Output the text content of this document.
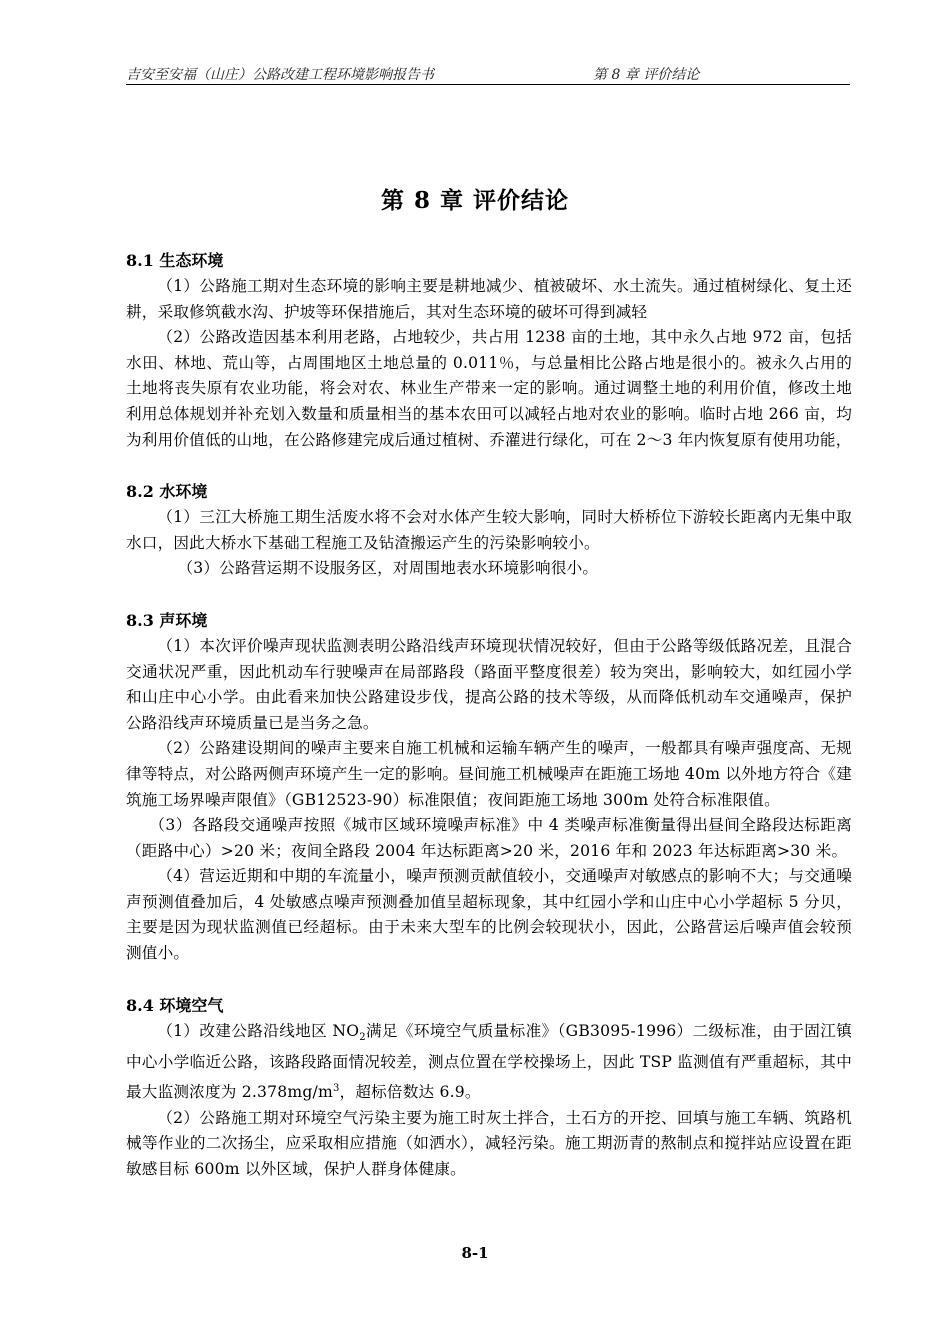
吉安至安福（山庄）公路改建工程环境影响报告书	第 8 章 评价结论
第 8 章 评价结论
8.1 生态环境

（1）公路施工期对生态环境的影响主要是耕地减少、植被破坏、水土流失。通过植树绿化、复土还耕，采取修筑截水沟、护坡等环保措施后，其对生态环境的破坏可得到减轻

（2）公路改造因基本利用老路，占地较少，共占用 1238 亩的土地，其中永久占地 972 亩，包括水田、林地、荒山等，占周围地区土地总量的 0.011％，与总量相比公路占地是很小的。被永久占用的土地将丧失原有农业功能，将会对农、林业生产带来一定的影响。通过调整土地的利用价值，修改土地利用总体规划并补充划入数量和质量相当的基本农田可以减轻占地对农业的影响。临时占地 266 亩，均为利用价值低的山地，在公路修建完成后通过植树、乔灌进行绿化，可在 2～3 年内恢复原有使用功能，

8.2 水环境

（1）三江大桥施工期生活废水将不会对水体产生较大影响，同时大桥桥位下游较长距离内无集中取水口，因此大桥水下基础工程施工及钻渣搬运产生的污染影响较小。

（3）公路营运期不设服务区，对周围地表水环境影响很小。

8.3 声环境

（1）本次评价噪声现状监测表明公路沿线声环境现状情况较好，但由于公路等级低路况差，且混合交通状况严重，因此机动车行驶噪声在局部路段（路面平整度很差）较为突出，影响较大，如红园小学和山庄中心小学。由此看来加快公路建设步伐，提高公路的技术等级，从而降低机动车交通噪声，保护公路沿线声环境质量已是当务之急。

（2）公路建设期间的噪声主要来自施工机械和运输车辆产生的噪声，一般都具有噪声强度高、无规律等特点，对公路两侧声环境产生一定的影响。昼间施工机械噪声在距施工场地 40m 以外地方符合《建筑施工场界噪声限值》（GB12523-90）标准限值；夜间距施工场地 300m 处符合标准限值。

（3）各路段交通噪声按照《城市区域环境噪声标准》中 4 类噪声标准衡量得出昼间全路段达标距离（距路中心）>20 米；夜间全路段 2004 年达标距离>20 米，2016 年和 2023 年达标距离>30 米。

（4）营运近期和中期的车流量小，噪声预测贡献值较小，交通噪声对敏感点的影响不大；与交通噪声预测值叠加后，4 处敏感点噪声预测叠加值呈超标现象，其中红园小学和山庄中心小学超标 5 分贝，主要是因为现状监测值已经超标。由于未来大型车的比例会较现状小，因此，公路营运后噪声值会较预测值小。

8.4 环境空气

（1）改建公路沿线地区 $NO_2$满足《环境空气质量标准》（GB3095-1996）二级标准，由于固江镇中心小学临近公路，该路段路面情况较差，测点位置在学校操场上，因此 TSP 监测值有严重超标，其中最大监测浓度为 $2.378mg/m^3$，超标倍数达 6.9。

（2）公路施工期对环境空气污染主要为施工时灰土拌合，土石方的开挖、回填与施工车辆、筑路机械等作业的二次扬尘，应采取相应措施（如洒水），减轻污染。施工期沥青的熬制点和搅拌站应设置在距敏感目标 600m 以外区域，保护人群身体健康。

8-1
